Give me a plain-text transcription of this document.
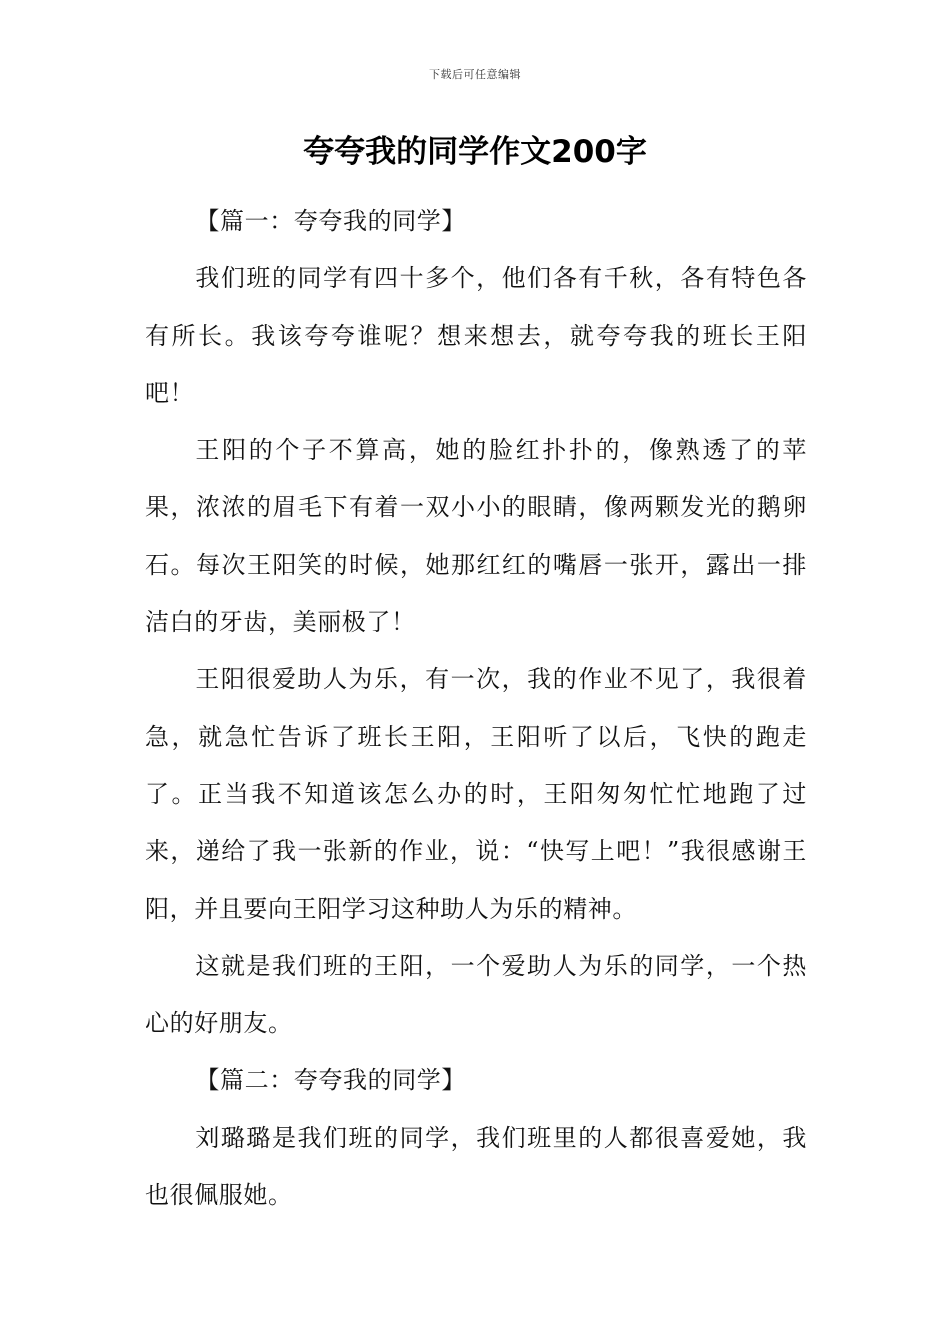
下载后可任意编辑
夸夸我的同学作文200字

【篇一：夸夸我的同学】

我们班的同学有四十多个，他们各有千秋，各有特色各有所长。我该夸夸谁呢？想来想去，就夸夸我的班长王阳吧！

王阳的个子不算高，她的脸红扑扑的，像熟透了的苹果，浓浓的眉毛下有着一双小小的眼睛，像两颗发光的鹅卵石。每次王阳笑的时候，她那红红的嘴唇一张开，露出一排洁白的牙齿，美丽极了！

王阳很爱助人为乐，有一次，我的作业不见了，我很着急，就急忙告诉了班长王阳，王阳听了以后，飞快的跑走了。正当我不知道该怎么办的时，王阳匆匆忙忙地跑了过来，递给了我一张新的作业，说：“快写上吧！”我很感谢王阳，并且要向王阳学习这种助人为乐的精神。

这就是我们班的王阳，一个爱助人为乐的同学，一个热心的好朋友。

【篇二：夸夸我的同学】

刘璐璐是我们班的同学，我们班里的人都很喜爱她，我也很佩服她。
